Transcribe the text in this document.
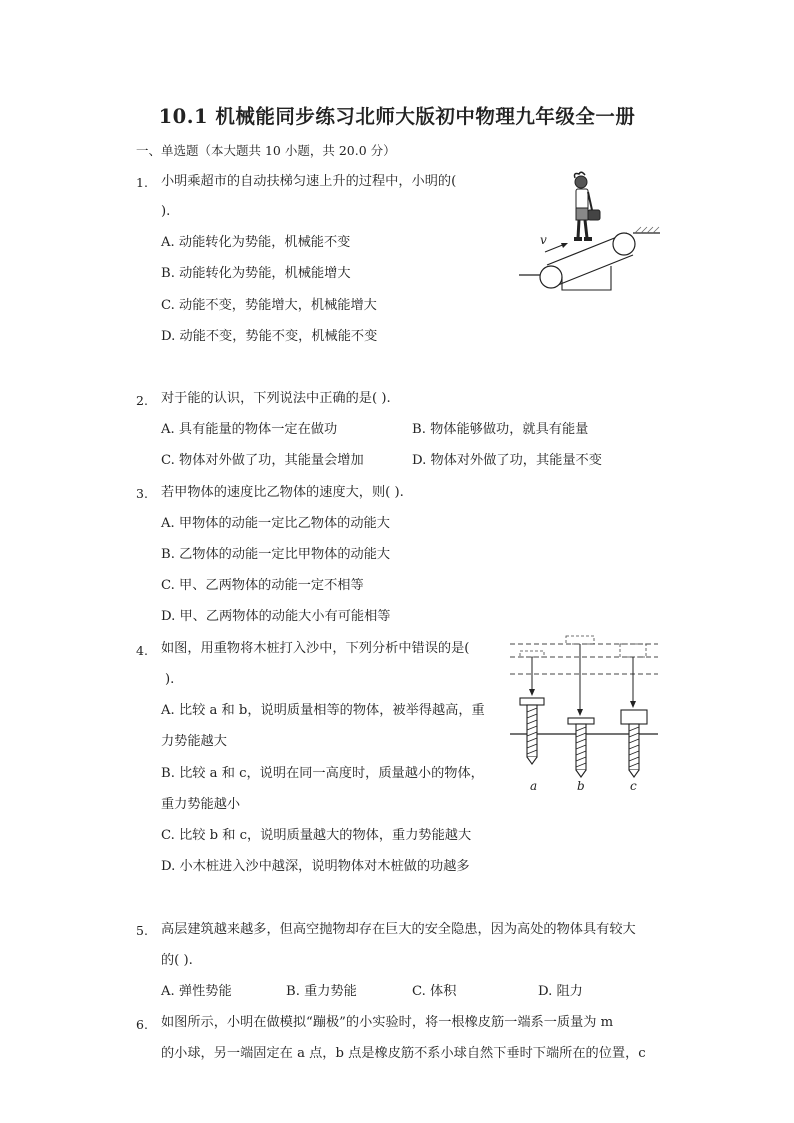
10.1 机械能同步练习北师大版初中物理九年级全一册
一、单选题（本大题共 10 小题，共 20.0 分）
1. 小明乘超市的自动扶梯匀速上升的过程中，小明的(
).
A. 动能转化为势能，机械能不变
B. 动能转化为势能，机械能增大
C. 动能不变，势能增大，机械能增大
D. 动能不变，势能不变，机械能不变
v
2. 对于能的认识，下列说法中正确的是( ).
A. 具有能量的物体一定在做功	B. 物体能够做功，就具有能量
C. 物体对外做了功，其能量会增加	D. 物体对外做了功，其能量不变
3. 若甲物体的速度比乙物体的速度大，则( ).
A. 甲物体的动能一定比乙物体的动能大
B. 乙物体的动能一定比甲物体的动能大
C. 甲、乙两物体的动能一定不相等
D. 甲、乙两物体的动能大小有可能相等
4. 如图，用重物将木桩打入沙中，下列分析中错误的是(
).
A. 比较 a 和 b，说明质量相等的物体，被举得越高，重
力势能越大
B. 比较 a 和 c，说明在同一高度时，质量越小的物体，
重力势能越小
C. 比较 b 和 c，说明质量越大的物体，重力势能越大
D. 小木桩进入沙中越深，说明物体对木桩做的功越多
a	b	c
5. 高层建筑越来越多，但高空抛物却存在巨大的安全隐患，因为高处的物体具有较大
的( ).
A. 弹性势能	B. 重力势能	C. 体积	D. 阻力
6. 如图所示，小明在做模拟“蹦极”的小实验时，将一根橡皮筋一端系一质量为 m
的小球，另一端固定在 a 点，b 点是橡皮筋不系小球自然下垂时下端所在的位置，c
